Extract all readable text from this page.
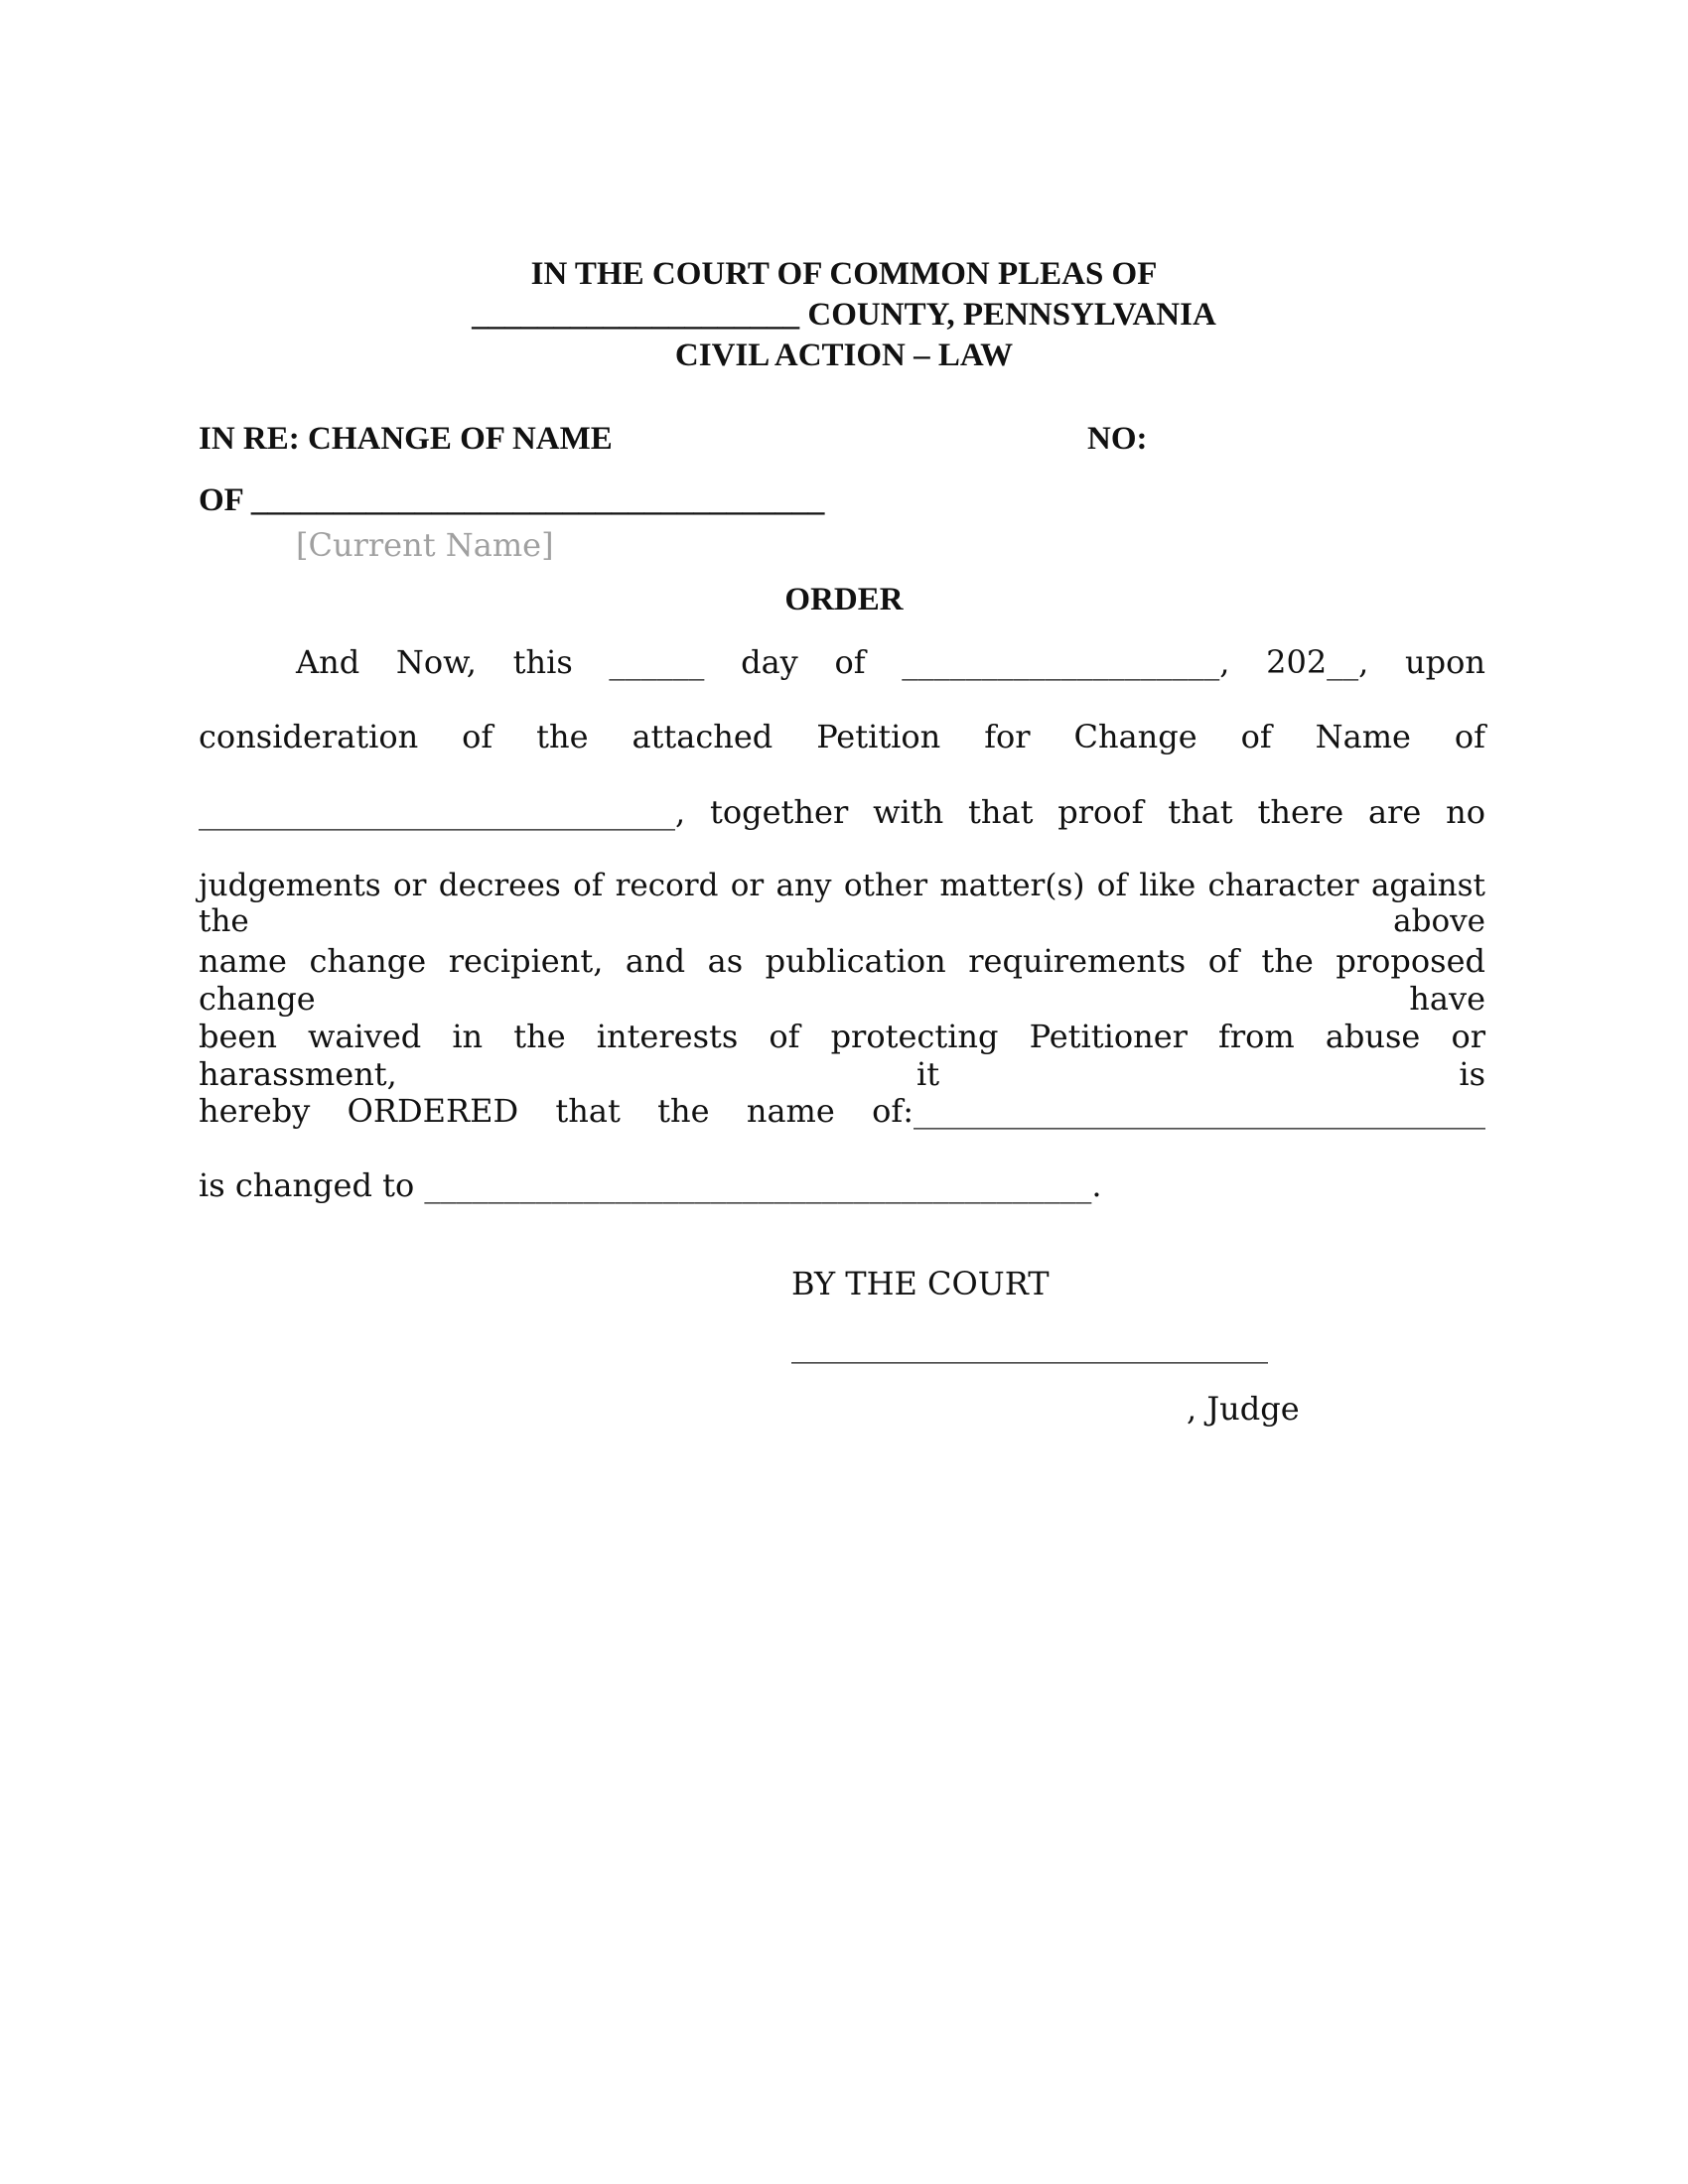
IN THE COURT OF COMMON PLEAS OF
____________________ COUNTY, PENNSYLVANIA
CIVIL ACTION – LAW
IN RE: CHANGE OF NAME	NO:
OF ___________________________________
[Current Name]
ORDER
And Now, this ______ day of ____________________, 202__, upon
consideration of the attached Petition for Change of Name of
______________________________, together with that proof that there are no
judgements or decrees of record or any other matter(s) of like character against the above
name change recipient, and as publication requirements of the proposed change have
been waived in the interests of protecting Petitioner from abuse or harassment, it is
hereby ORDERED that the name of:____________________________________
is changed to __________________________________________.
BY THE COURT
______________________________
, Judge
